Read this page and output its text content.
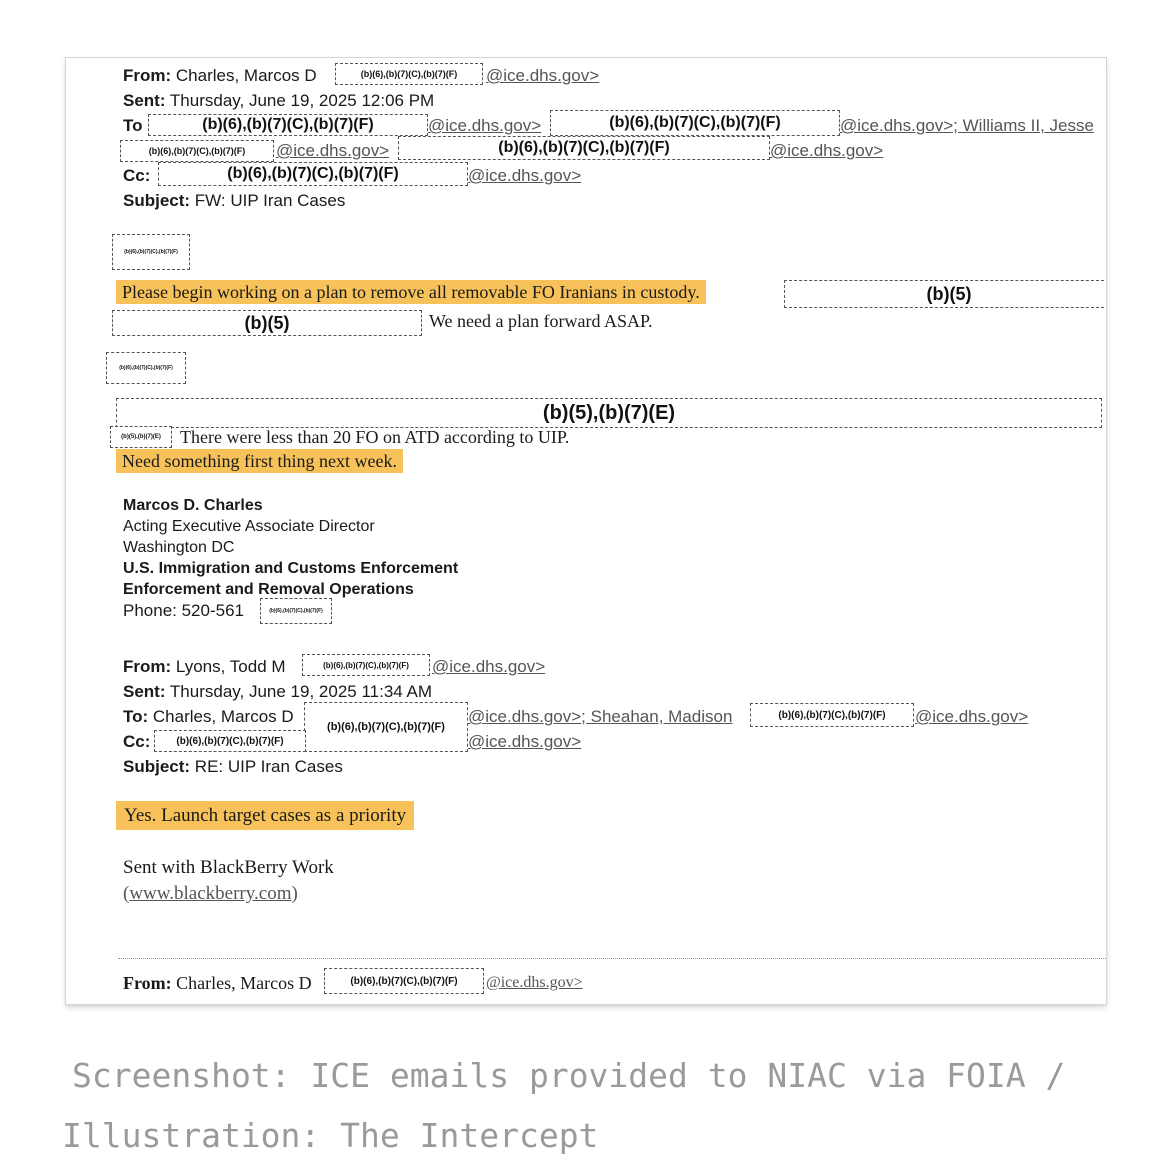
From: Charles, Marcos D	(b)(6),(b)(7)(C),(b)(7)(F)	@ice.dhs.gov>
Sent: Thursday, June 19, 2025 12:06 PM
To	(b)(6),(b)(7)(C),(b)(7)(F)	@ice.dhs.gov>	(b)(6),(b)(7)(C),(b)(7)(F)	@ice.dhs.gov>; Williams II, Jesse
(b)(6),(b)(7)(C),(b)(7)(F)	@ice.dhs.gov>	(b)(6),(b)(7)(C),(b)(7)(F)	@ice.dhs.gov>
Cc:	(b)(6),(b)(7)(C),(b)(7)(F)	@ice.dhs.gov>
Subject: FW: UIP Iran Cases
(b)(6),(b)(7)(C),(b)(7)(F)
Please begin working on a plan to remove all removable FO Iranians in custody.	(b)(5)
(b)(5)	We need a plan forward ASAP.
(b)(6),(b)(7)(C),(b)(7)(F)
(b)(5),(b)(7)(E)
(b)(5),(b)(7)(E)	There were less than 20 FO on ATD according to UIP.
Need something first thing next week.
Marcos D. Charles
Acting Executive Associate Director
Washington DC
U.S. Immigration and Customs Enforcement
Enforcement and Removal Operations
Phone: 520-561	(b)(6),(b)(7)(C),(b)(7)(F)
From: Lyons, Todd M	(b)(6),(b)(7)(C),(b)(7)(F)	@ice.dhs.gov>
Sent: Thursday, June 19, 2025 11:34 AM
To: Charles, Marcos D
(b)(6),(b)(7)(C),(b)(7)(F)
@ice.dhs.gov>; Sheahan, Madison	(b)(6),(b)(7)(C),(b)(7)(F)	@ice.dhs.gov>
Cc:	(b)(6),(b)(7)(C),(b)(7)(F)	@ice.dhs.gov>
Subject: RE: UIP Iran Cases
Yes. Launch target cases as a priority
Sent with BlackBerry Work
(www.blackberry.com)
From: Charles, Marcos D	(b)(6),(b)(7)(C),(b)(7)(F)	@ice.dhs.gov>
Screenshot: ICE emails provided to NIAC via FOIA /
Illustration: The Intercept
